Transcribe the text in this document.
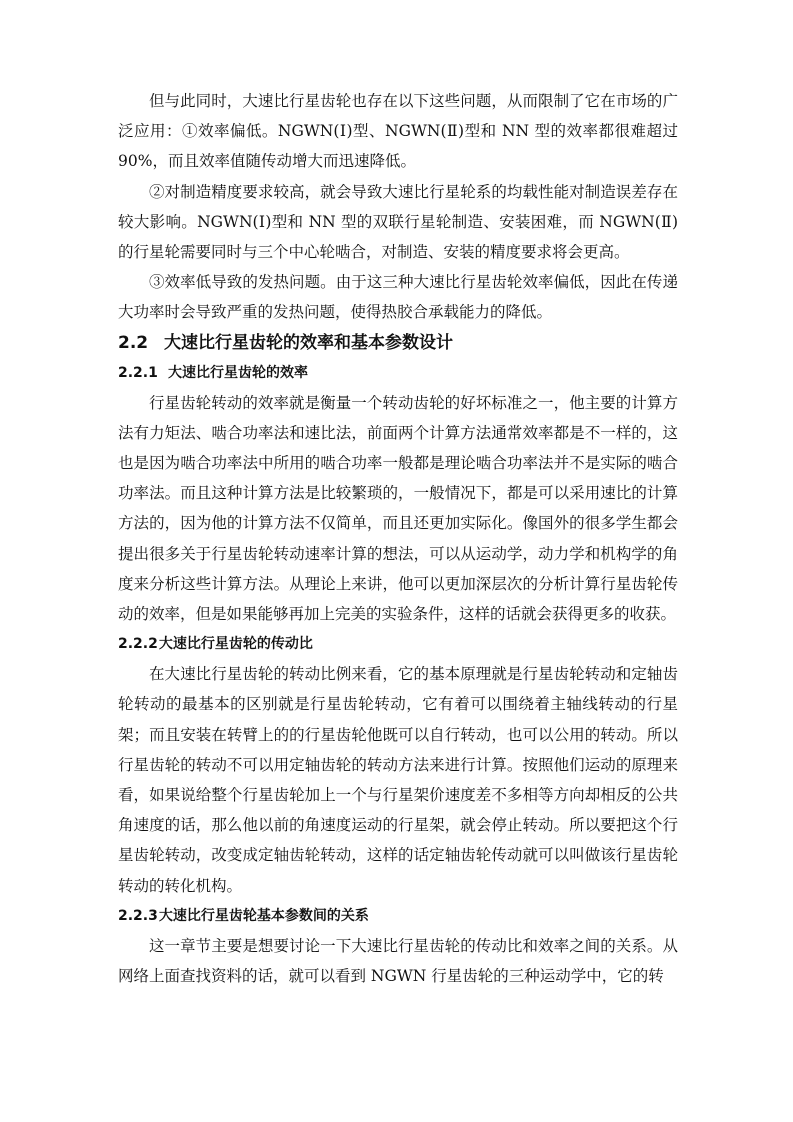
但与此同时，大速比行星齿轮也存在以下这些问题，从而限制了它在市场的广泛应用：①效率偏低。NGWN(Ⅰ)型、NGWN(Ⅱ)型和 NN 型的效率都很难超过 90%，而且效率值随传动增大而迅速降低。

②对制造精度要求较高，就会导致大速比行星轮系的均载性能对制造误差存在较大影响。NGWN(Ⅰ)型和 NN 型的双联行星轮制造、安装困难，而 NGWN(Ⅱ)的行星轮需要同时与三个中心轮啮合，对制造、安装的精度要求将会更高。

③效率低导致的发热问题。由于这三种大速比行星齿轮效率偏低，因此在传递大功率时会导致严重的发热问题，使得热胶合承载能力的降低。

2.2 大速比行星齿轮的效率和基本参数设计
2.2.1 大速比行星齿轮的效率

行星齿轮转动的效率就是衡量一个转动齿轮的好坏标准之一，他主要的计算方法有力矩法、啮合功率法和速比法，前面两个计算方法通常效率都是不一样的，这也是因为啮合功率法中所用的啮合功率一般都是理论啮合功率法并不是实际的啮合功率法。而且这种计算方法是比较繁琐的，一般情况下，都是可以采用速比的计算方法的，因为他的计算方法不仅简单，而且还更加实际化。像国外的很多学生都会提出很多关于行星齿轮转动速率计算的想法，可以从运动学，动力学和机构学的角度来分析这些计算方法。从理论上来讲，他可以更加深层次的分析计算行星齿轮传动的效率，但是如果能够再加上完美的实验条件，这样的话就会获得更多的收获。

2.2.2大速比行星齿轮的传动比

在大速比行星齿轮的转动比例来看，它的基本原理就是行星齿轮转动和定轴齿轮转动的最基本的区别就是行星齿轮转动，它有着可以围绕着主轴线转动的行星架；而且安装在转臂上的的行星齿轮他既可以自行转动，也可以公用的转动。所以行星齿轮的转动不可以用定轴齿轮的转动方法来进行计算。按照他们运动的原理来看，如果说给整个行星齿轮加上一个与行星架价速度差不多相等方向却相反的公共角速度的话，那么他以前的角速度运动的行星架，就会停止转动。所以要把这个行星齿轮转动，改变成定轴齿轮转动，这样的话定轴齿轮传动就可以叫做该行星齿轮转动的转化机构。

2.2.3大速比行星齿轮基本参数间的关系

这一章节主要是想要讨论一下大速比行星齿轮的传动比和效率之间的关系。从网络上面查找资料的话，就可以看到 NGWN 行星齿轮的三种运动学中，它的转
